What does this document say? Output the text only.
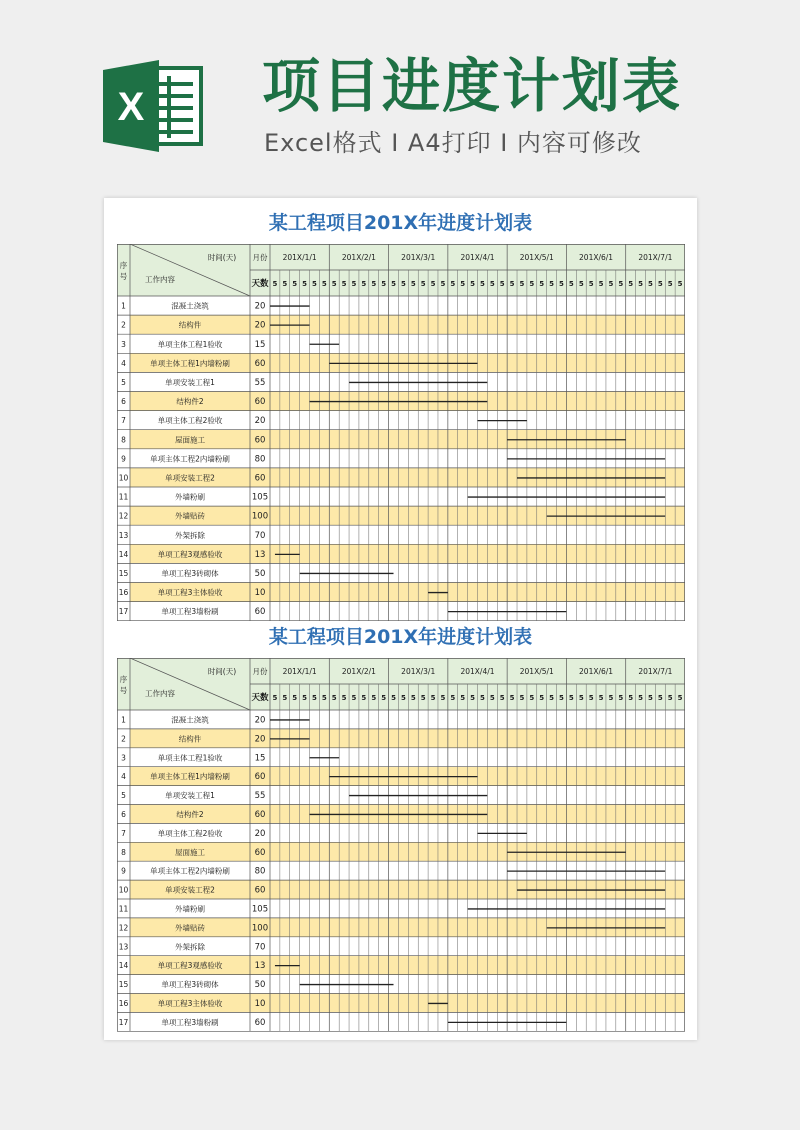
X 项目进度计划表
Excel格式 I A4打印 I 内容可修改
某工程项目201X年进度计划表
序
号
时间(天)
工作内容
月份
天数
201X/1/1	201X/2/1	201X/3/1	201X/4/1	201X/5/1	201X/6/1	201X/7/1
5 5 5 5 5 5 5 5 5 5 5 5 5 5 5 5 5 5 5 5 5 5 5 5 5 5 5 5 5 5 5 5 5 5 5 5 5 5 5 5 5 5
1	混凝土浇筑	20
2	结构件	20
3	单项主体工程1验收	15
4	单项主体工程1内墙粉刷	60
5	单项安装工程1	55
6	结构件2	60
7	单项主体工程2验收	20
8	屋面施工	60
9	单项主体工程2内墙粉刷	80
10	单项安装工程2	60
11	外墙粉刷	105
12	外墙贴砖	100
13	外架拆除	70
14	单项工程3观感验收	13
15	单项工程3砖砌体	50
16	单项工程3主体验收	10
17	单项工程3墙粉刷	60
某工程项目201X年进度计划表
序
号
时间(天)
工作内容
月份
天数
201X/1/1	201X/2/1	201X/3/1	201X/4/1	201X/5/1	201X/6/1	201X/7/1
5 5 5 5 5 5 5 5 5 5 5 5 5 5 5 5 5 5 5 5 5 5 5 5 5 5 5 5 5 5 5 5 5 5 5 5 5 5 5 5 5 5
1	混凝土浇筑	20
2	结构件	20
3	单项主体工程1验收	15
4	单项主体工程1内墙粉刷	60
5	单项安装工程1	55
6	结构件2	60
7	单项主体工程2验收	20
8	屋面施工	60
9	单项主体工程2内墙粉刷	80
10	单项安装工程2	60
11	外墙粉刷	105
12	外墙贴砖	100
13	外架拆除	70
14	单项工程3观感验收	13
15	单项工程3砖砌体	50
16	单项工程3主体验收	10
17	单项工程3墙粉刷	60
